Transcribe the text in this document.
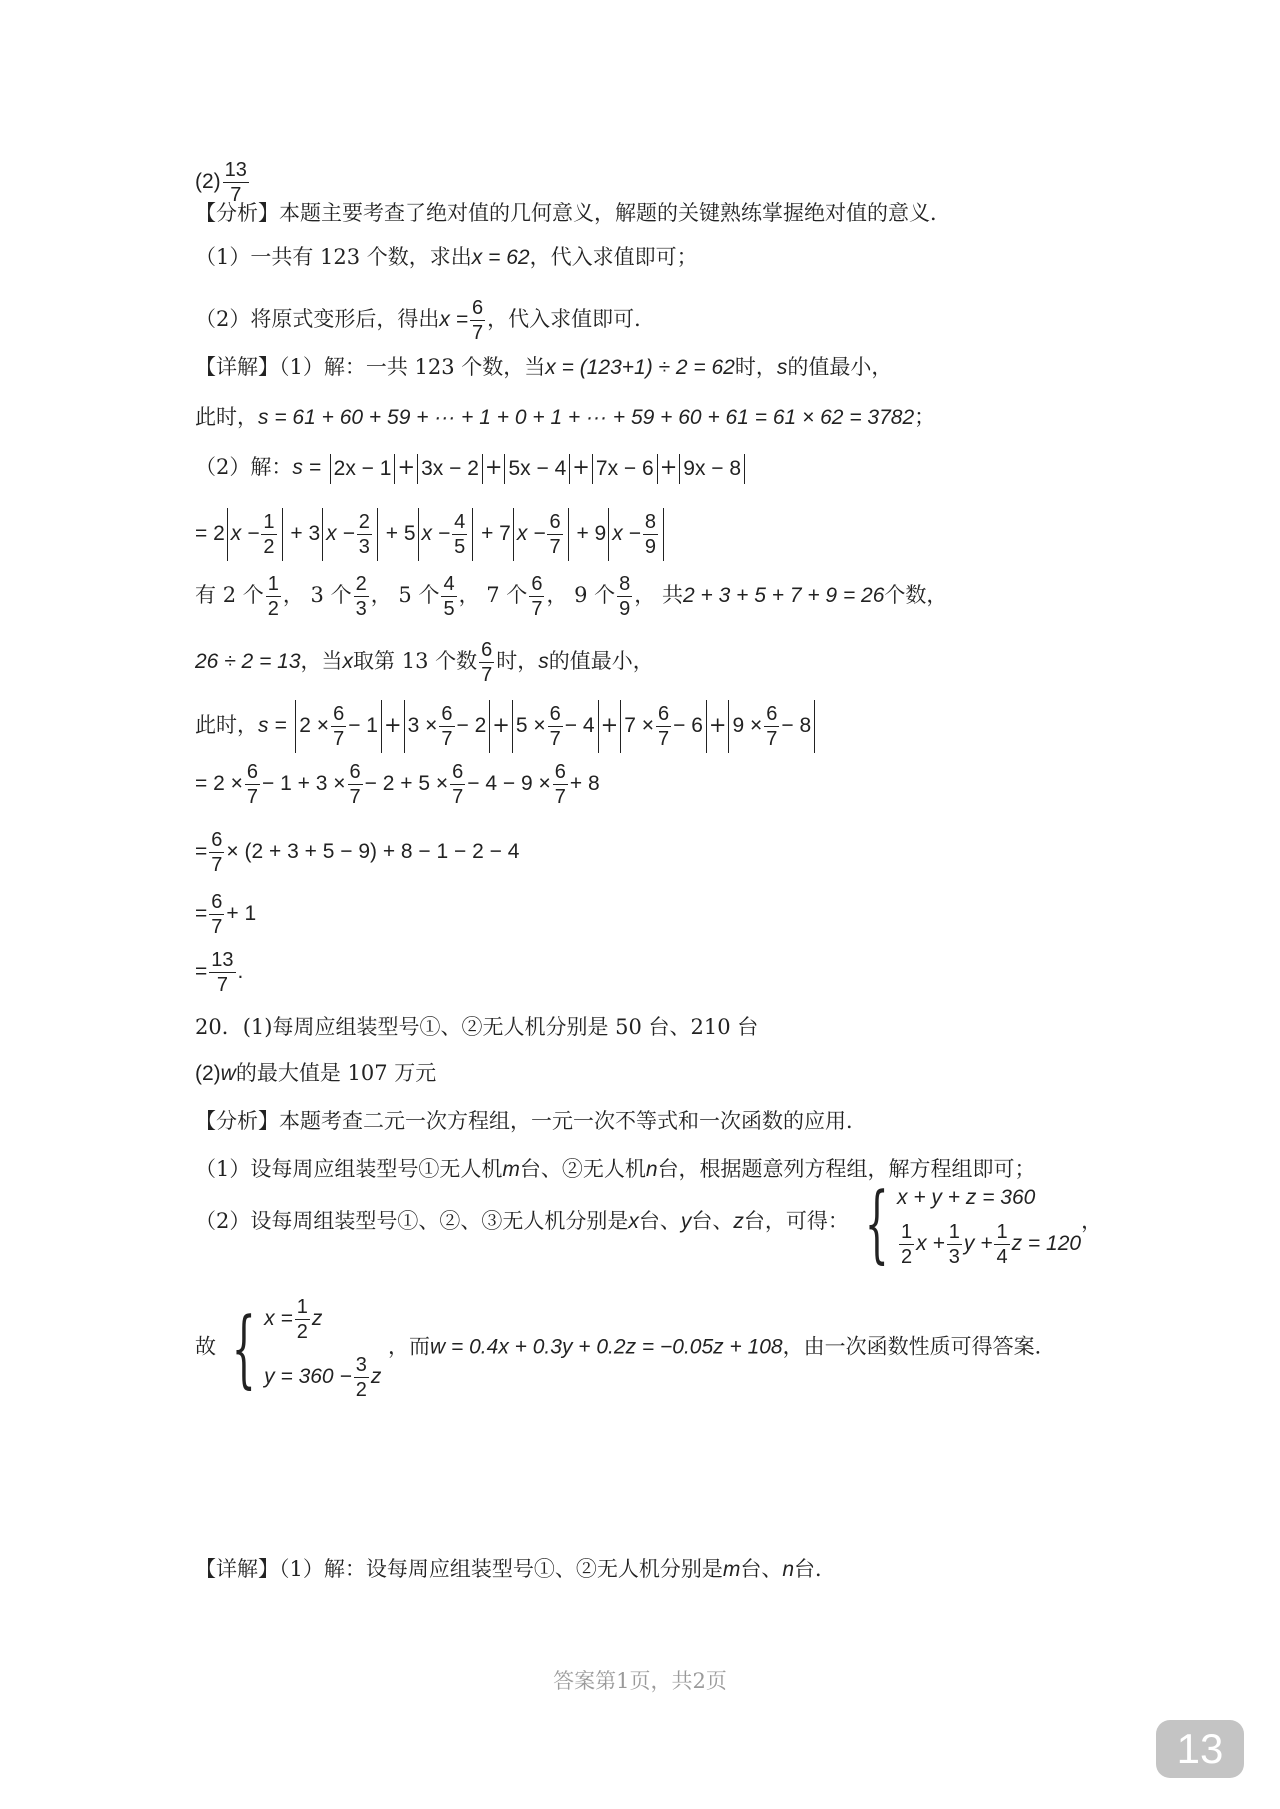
$(2) \frac{13}{7}$
【分析】本题主要考查了绝对值的几何意义，解题的关键熟练掌握绝对值的意义．
（1）一共有 123 个数，求出x = 62，代入求值即可；
（2）将原式变形后，得出$x = \frac{6}{7}$ ，代入求值即可．
【详解】（1）解：一共 123 个数，当x = (123+1) ÷ 2 = 62时，s的值最小，
此时，s = 61 + 60 + 59 + ··· + 1 + 0 + 1 + ··· + 59 + 60 + 61 = 61 × 62 = 3782；
（2）解：s = 2x − 1 + 3x − 2 + 5x − 4 + 7x − 6 + 9x − 8
= 2 $x - \frac{1}{2} + 3$ $x - \frac{2}{3} + 5$ $x - \frac{4}{5} + 7$ $x - \frac{6}{7} + 9$ $x - \frac{8}{9}$
有 2 个 $\frac{1}{2}$ ， 3 个 $\frac{2}{3}$ ， 5 个 $\frac{4}{5}$ ， 7 个 $\frac{6}{7}$ ， 9 个 $\frac{8}{9}$ ， 共2 + 3 + 5 + 7 + 9 = 26个数，
26 ÷ 2 = 13，当x取第 13 个数 $\frac{6}{7}$ 时，s的值最小，
此时，$s = 2 \times \frac{6}{7} - 1 + 3 \times \frac{6}{7} - 2 + 5 \times \frac{6}{7} - 4 + 7 \times \frac{6}{7} - 6 + 9 \times \frac{6}{7} - 8$
= $2 \times \frac{6}{7} - 1 + 3 \times \frac{6}{7} - 2 + 5 \times \frac{6}{7} - 4 - 9 \times \frac{6}{7} + 8$
= $\frac{6}{7} \times (2 + 3 + 5 - 9) + 8 - 1 - 2 - 4$
= $\frac{6}{7} + 1$
= $\frac{13}{7}$ .
20．(1)每周应组装型号①、②无人机分别是 50 台、210 台
(2)w的最大值是 107 万元
【分析】本题考查二元一次方程组，一元一次不等式和一次函数的应用．
（1）设每周应组装型号①无人机m台、②无人机n台，根据题意列方程组，解方程组即可；
（2）设每周组装型号①、②、③无人机分别是x台、y台、z台，可得： { x + y + z = 360
$\frac{1}{2}$ $x + \frac{1}{3}$ $y + \frac{1}{4}$ z = 120
，
故 { $x = \frac{1}{2}$ z
$y = 360 - \frac{3}{2}$ z
，而w = 0.4x + 0.3y + 0.2z = −0.05z + 108，由一次函数性质可得答案．
【详解】（1）解：设每周应组装型号①、②无人机分别是m台、n台．
答案第1页，共2页
13
